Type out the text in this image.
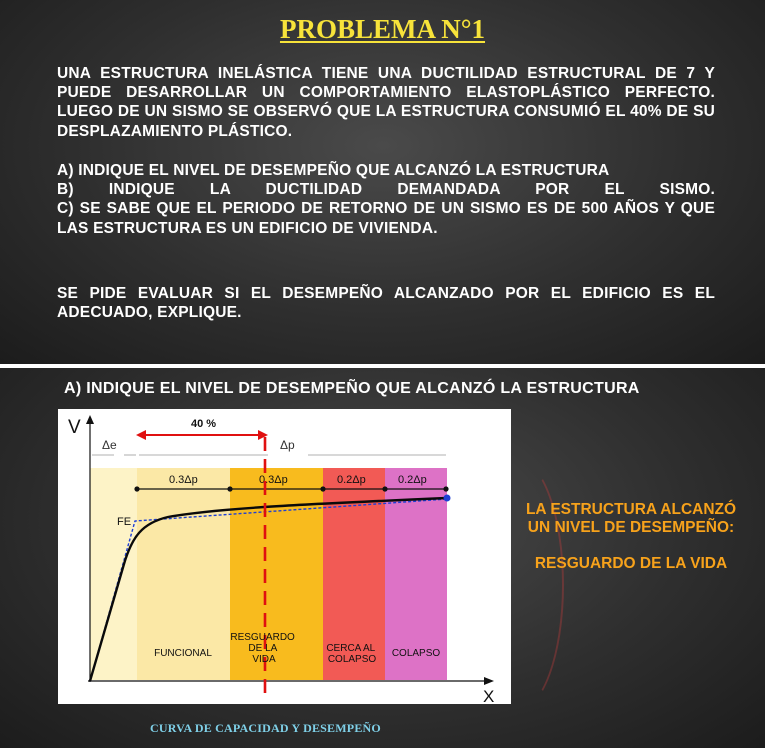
PROBLEMA N°1

UNA ESTRUCTURA INELÁSTICA TIENE UNA DUCTILIDAD ESTRUCTURAL DE 7 Y PUEDE DESARROLLAR UN COMPORTAMIENTO ELASTOPLÁSTICO PERFECTO. LUEGO DE UN SISMO SE OBSERVÓ QUE LA ESTRUCTURA CONSUMIÓ EL 40% DE SU DESPLAZAMIENTO PLÁSTICO.

A) INDIQUE EL NIVEL DE DESEMPEÑO QUE ALCANZÓ LA ESTRUCTURA
B) INDIQUE LA DUCTILIDAD DEMANDADA POR EL SISMO.
C) SE SABE QUE EL PERIODO DE RETORNO DE UN SISMO ES DE 500 AÑOS Y QUE LAS ESTRUCTURA ES UN EDIFICIO DE VIVIENDA.

SE PIDE EVALUAR SI EL DESEMPEÑO ALCANZADO POR EL EDIFICIO ES EL ADECUADO, EXPLIQUE.

A) INDIQUE EL NIVEL DE DESEMPEÑO QUE ALCANZÓ LA ESTRUCTURA
V
X
Δe	Δp
40 %
0.3Δp	0.3Δp	0.2Δp	0.2Δp
FE
FUNCIONAL
RESGUARDO DE LA VIDA
CERCA AL COLAPSO
COLAPSO
LA ESTRUCTURA ALCANZÓ UN NIVEL DE DESEMPEÑO:
RESGUARDO DE LA VIDA
CURVA DE CAPACIDAD Y DESEMPEÑO
